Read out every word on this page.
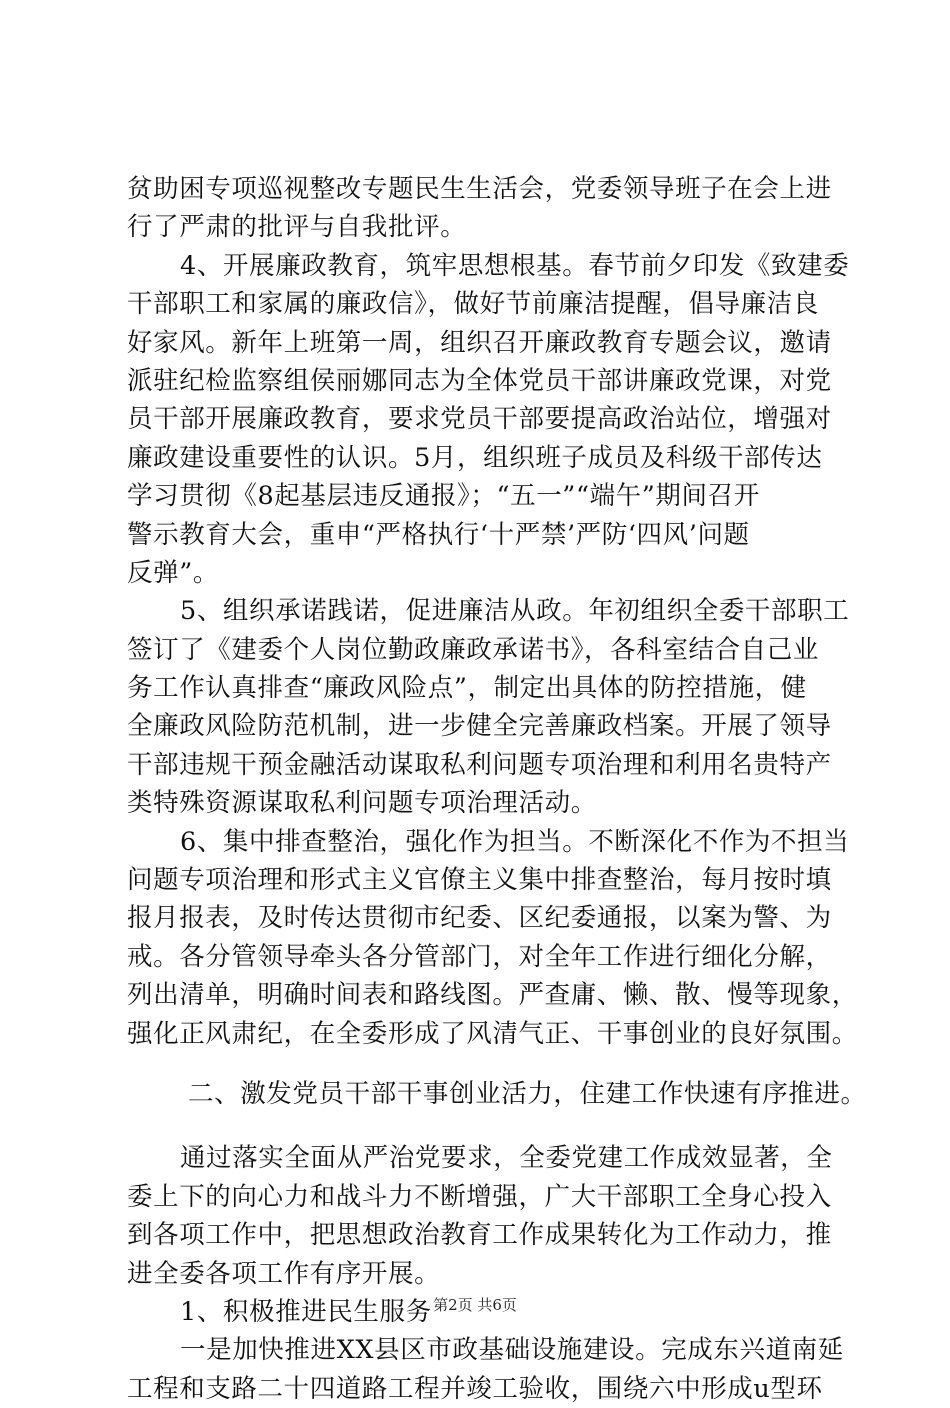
贫助困专项巡视整改专题民生生活会，党委领导班子在会上进
行了严肃的批评与自我批评。
4、开展廉政教育，筑牢思想根基。春节前夕印发《致建委
干部职工和家属的廉政信》，做好节前廉洁提醒，倡导廉洁良
好家风。新年上班第一周，组织召开廉政教育专题会议，邀请
派驻纪检监察组侯丽娜同志为全体党员干部讲廉政党课，对党
员干部开展廉政教育，要求党员干部要提高政治站位，增强对
廉政建设重要性的认识。5月，组织班子成员及科级干部传达
学习贯彻《8起基层违反通报》；“五一”“端午”期间召开
警示教育大会，重申“严格执行‘十严禁’严防‘四风’问题
反弹”。
5、组织承诺践诺，促进廉洁从政。年初组织全委干部职工
签订了《建委个人岗位勤政廉政承诺书》，各科室结合自己业
务工作认真排查“廉政风险点”，制定出具体的防控措施，健
全廉政风险防范机制，进一步健全完善廉政档案。开展了领导
干部违规干预金融活动谋取私利问题专项治理和利用名贵特产
类特殊资源谋取私利问题专项治理活动。
6、集中排查整治，强化作为担当。不断深化不作为不担当
问题专项治理和形式主义官僚主义集中排查整治，每月按时填
报月报表，及时传达贯彻市纪委、区纪委通报，以案为警、为
戒。各分管领导牵头各分管部门，对全年工作进行细化分解，
列出清单，明确时间表和路线图。严查庸、懒、散、慢等现象，
强化正风肃纪，在全委形成了风清气正、干事创业的良好氛围。
二、激发党员干部干事创业活力，住建工作快速有序推进。
通过落实全面从严治党要求，全委党建工作成效显著，全
委上下的向心力和战斗力不断增强，广大干部职工全身心投入
到各项工作中，把思想政治教育工作成果转化为工作动力，推
进全委各项工作有序开展。
1、积极推进民生服务
一是加快推进XX县区市政基础设施建设。完成东兴道南延
工程和支路二十四道路工程并竣工验收，围绕六中形成u型环
第2页 共6页
